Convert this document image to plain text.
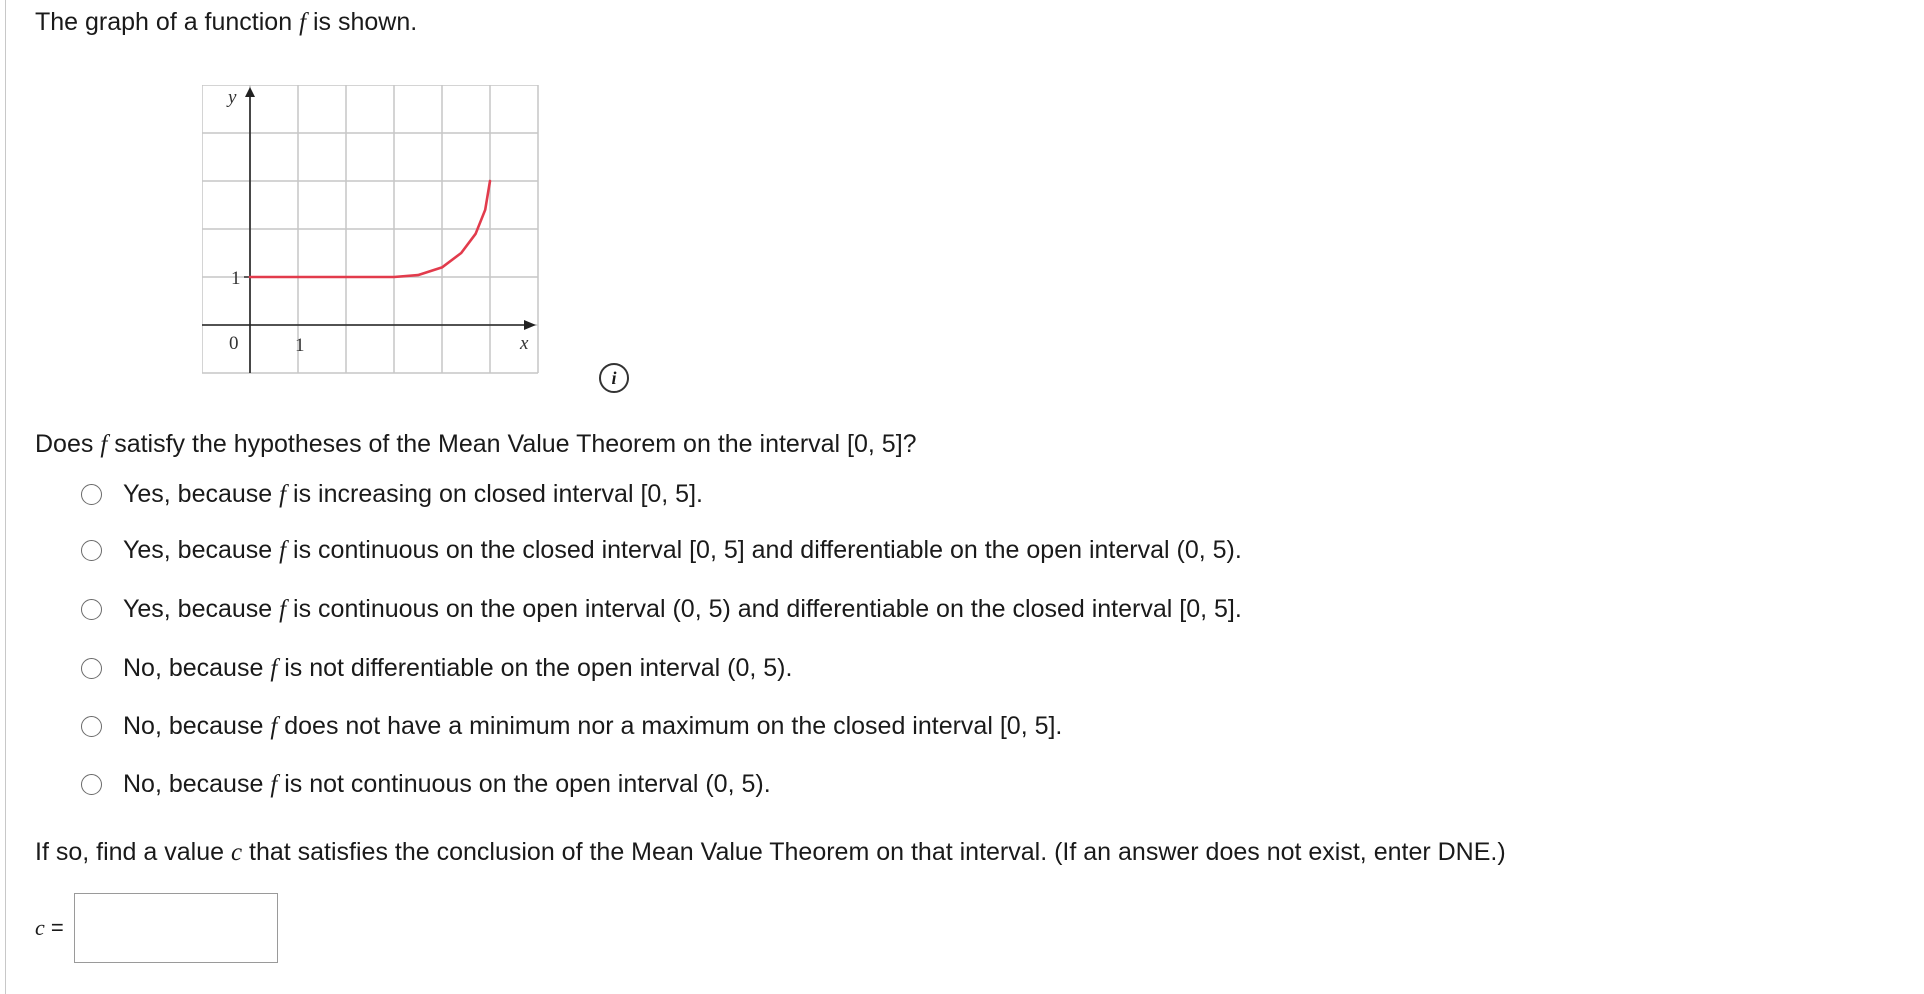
The graph of a function f is shown.
y
x
0	1
1
i
Does f satisfy the hypotheses of the Mean Value Theorem on the interval [0, 5]?
Yes, because f is increasing on closed interval [0, 5].
Yes, because f is continuous on the closed interval [0, 5] and differentiable on the open interval (0, 5).
Yes, because f is continuous on the open interval (0, 5) and differentiable on the closed interval [0, 5].
No, because f is not differentiable on the open interval (0, 5).
No, because f does not have a minimum nor a maximum on the closed interval [0, 5].
No, because f is not continuous on the open interval (0, 5).
If so, find a value c that satisfies the conclusion of the Mean Value Theorem on that interval. (If an answer does not exist, enter DNE.)
c =
